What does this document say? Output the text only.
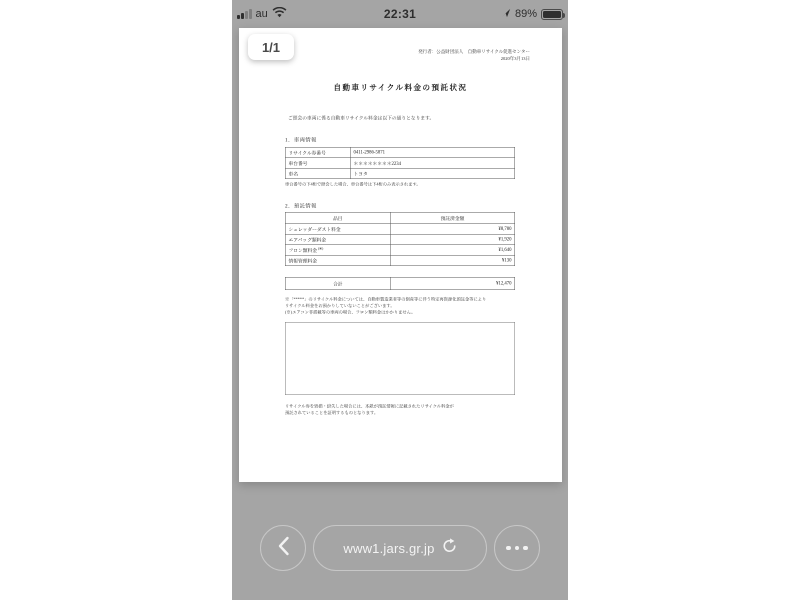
au	22:31	89%
発行者：公益財団法人　自動車リサイクル促進センター
2020年3月13日
自動車リサイクル料金の預託状況
ご照会の車両に係る自動車リサイクル料金は以下の通りとなります。
1．車両情報
リサイクル券番号	0411-2986-5871
車台番号	＊＊＊＊＊＊＊＊2234
車名	トヨタ
車台番号の下4桁で照会した場合、車台番号は下4桁のみ表示されます。
2．預託情報
品目	預託済金額
シュレッダーダスト料金	¥8,780
エアバッグ類料金	¥1,920
フロン類料金 (※)	¥1,640
情報管理料金	¥130
合計	¥12,470
※「*****」のリサイクル料金については、自動車製造業者等の倒産等に伴う特定再資源化預託金等により
リサイクル料金をお預かりしていないことがございます。
(※)エアコン非搭載等の車両の場合、フロン類料金はかかりません。
リサイクル券を毀損・紛失した場合には、本紙が預託情報に記載されたリサイクル料金が
預託されていることを証明するものとなります。
1/1
www1.jars.gr.jp
